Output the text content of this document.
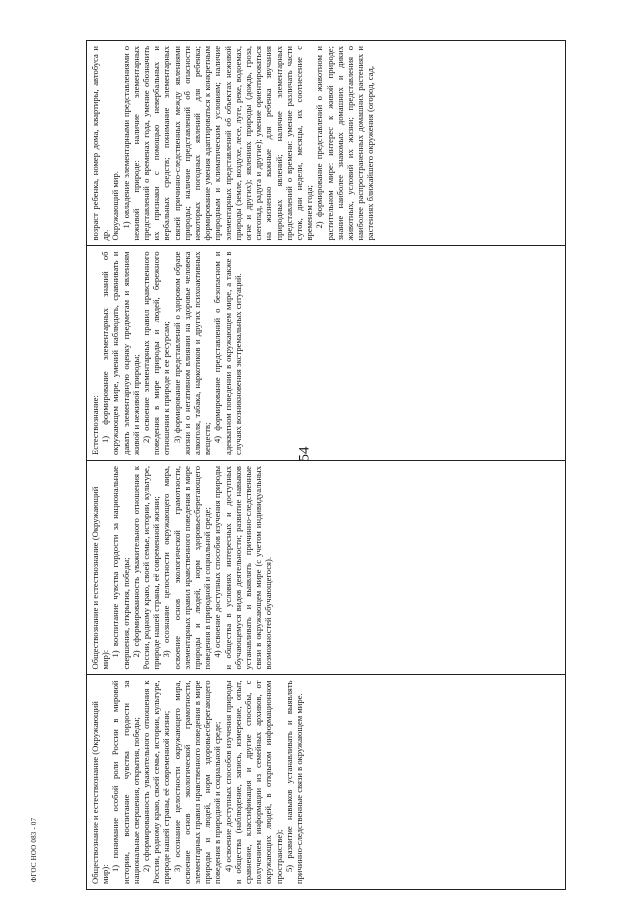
54
ФГОС НОО 083 - 07	Обществознание и естествознание (Окружающий мир):

1) понимание особой роли России в мировой истории, воспитание чувства гордости за национальные свершения, открытия, победы; 2) сформированность уважительного отношения к России, родному краю, своей семье, истории, культуре, природе нашей страны, её современной жизни; 3) осознание целостности окружающего мира, освоение основ экологической грамотности, элементарных правил нравственного поведения в мире природы и людей, норм здоровьесберегающего поведения в природной и социальной среде; 4) освоение доступных способов изучения природы и общества (наблюдение, запись, измерение, опыт, сравнение, классификация и другие способы, с получением информации из семейных архивов, от окружающих людей, в открытом информационном пространстве); 5) развитие навыков устанавливать и выявлять причинно-следственные связи в окружающем мире.

Обществознание и естествознание (Окружающий мир):

1) воспитание чувства гордости за национальные свершения, открытия, победы; 2) сформированность уважительного отношения к России, родному краю, своей семье, истории, культуре, природе нашей страны, её современной жизни; 3) осознание целостности окружающего мира, освоение основ экологической грамотности, элементарных правил нравственного поведения в мире природы и людей, норм здоровьесберегающего поведения в природной и социальной среде; 4) освоение доступных способов изучения природы и общества в условиях интересных и доступных обучающемуся видов деятельности; развитие навыков устанавливать и выявлять причинно-следственные связи в окружающем мире (с учетом индивидуальных возможностей обучающегося).

Естествознание: 1) формирование элементарных знаний об окружающем мире, умений наблюдать, сравнивать и давать элементарную оценку предметам и явлениям живой и неживой природы; 2) освоение элементарных правил нравственного поведения в мире природы и людей, бережного отношения к природе и ее ресурсам; 3) формирование представлений о здоровом образе жизни и о негативном влиянии на здоровье человека алкоголя, табака, наркотиков и других психоактивных веществ; 4) формирование представлений о безопасном и адекватном поведении в окружающем мире, а также в случаях возникновения экстремальных ситуаций.

возраст ребенка, номер дома, квартиры, автобуса и др. Окружающий мир. 1) овладение элементарными представлениями о неживой природе: наличие элементарных представлений о временах года, умение обозначить их признаки с помощью невербальных и вербальных средств; понимание элементарных связей причинно-следственных между явлениями природы; наличие представлений об опасности некоторых погодных явлений для ребенка; формирование умения адаптироваться к конкретным природным и климатическим условиям; наличие элементарных представлений об объектах неживой природы (земле, воздухе, лесе, луге, реке, водоемах, огне и других); явлениях природы (дождь, гроза, снегопад, радуга и другие); умение ориентироваться на жизненно важные для ребенка звучания природных явлений; наличие элементарных представлений о времени: умение различать части суток, дни недели, месяцы, их соотнесение с временем года; 2) формирование представлений о животном и растительном мире: интерес к живой природе; знание наиболее знакомых домашних и диких животных, условий их жизни; представления о наиболее распространенных домашних растениях и растениях ближайшего окружения (огород, сад,
